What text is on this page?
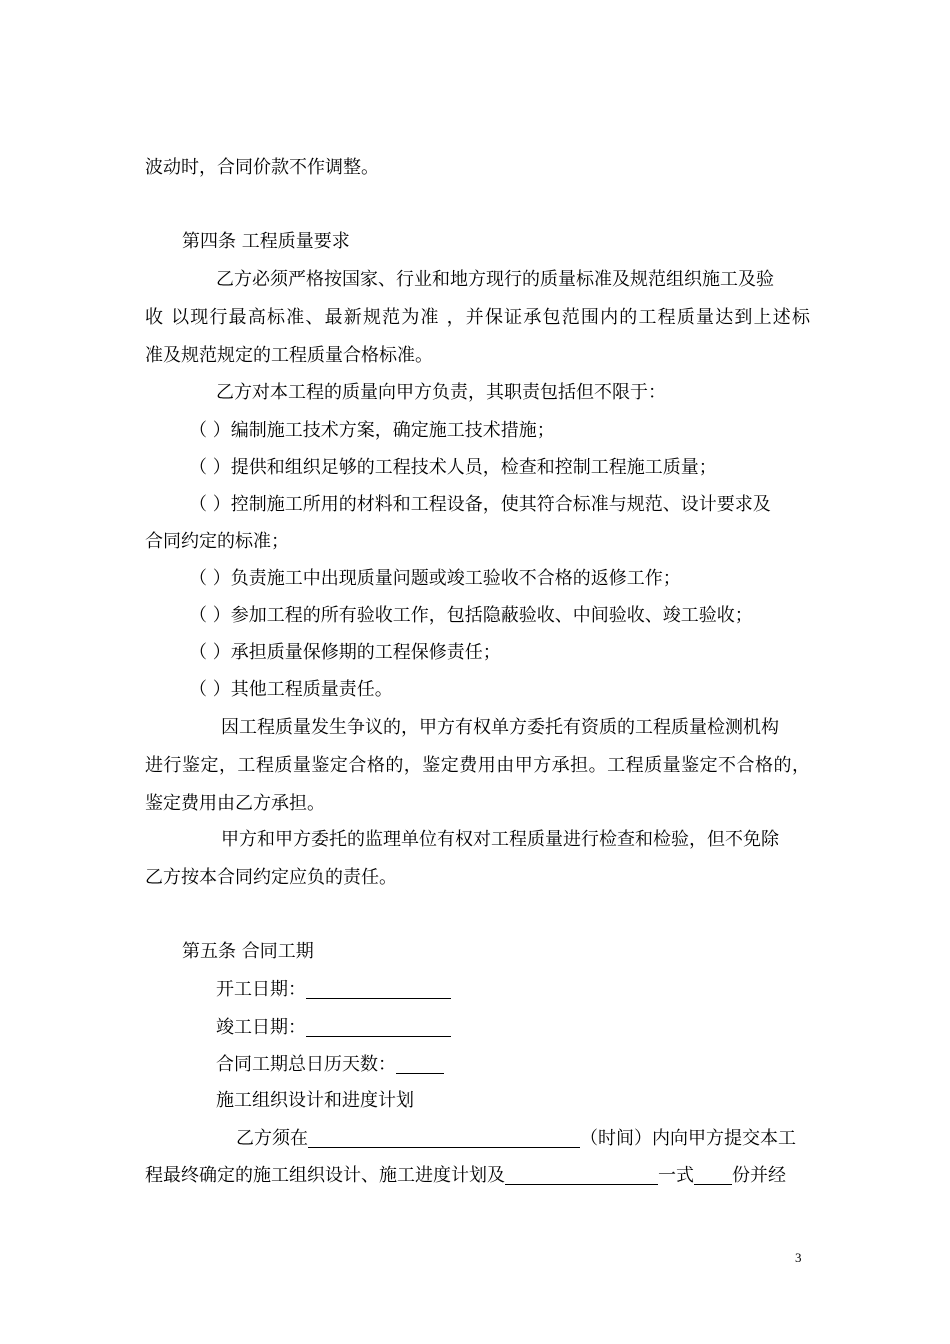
波动时，合同价款不作调整。
第四条 工程质量要求
乙方必须严格按国家、行业和地方现行的质量标准及规范组织施工及验
收 以现行最高标准、最新规范为准 ，并保证承包范围内的工程质量达到上述标
准及规范规定的工程质量合格标准。
乙方对本工程的质量向甲方负责，其职责包括但不限于：
（ ）编制施工技术方案，确定施工技术措施；
（ ）提供和组织足够的工程技术人员，检查和控制工程施工质量；
（ ）控制施工所用的材料和工程设备，使其符合标准与规范、设计要求及
合同约定的标准；
（ ）负责施工中出现质量问题或竣工验收不合格的返修工作；
（ ）参加工程的所有验收工作，包括隐蔽验收、中间验收、竣工验收；
（ ）承担质量保修期的工程保修责任；
（ ）其他工程质量责任。
因工程质量发生争议的，甲方有权单方委托有资质的工程质量检测机构
进行鉴定，工程质量鉴定合格的，鉴定费用由甲方承担。工程质量鉴定不合格的，
鉴定费用由乙方承担。
甲方和甲方委托的监理单位有权对工程质量进行检查和检验，但不免除
乙方按本合同约定应负的责任。
第五条 合同工期
开工日期：
竣工日期：
合同工期总日历天数：
施工组织设计和进度计划
乙方须在	（时间）内向甲方提交本工
程最终确定的施工组织设计、施工进度计划及	一式 份并经
3
